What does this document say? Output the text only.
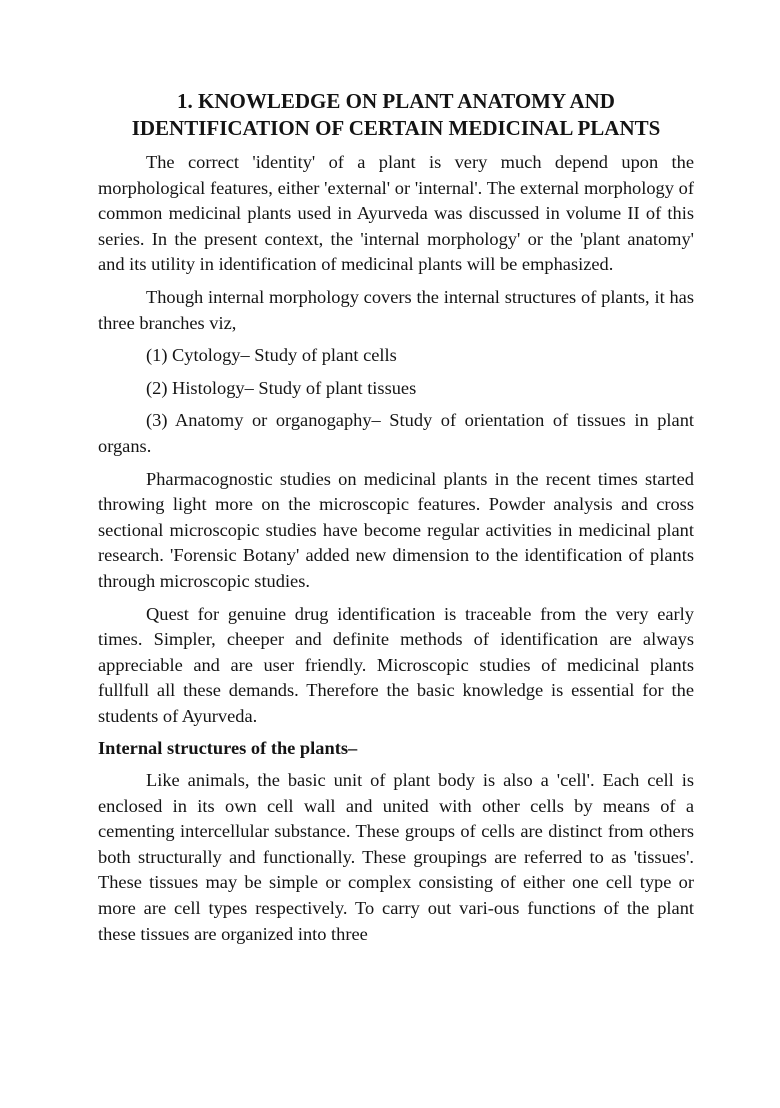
1. KNOWLEDGE ON PLANT ANATOMY AND
IDENTIFICATION OF CERTAIN MEDICINAL PLANTS

The correct 'identity' of a plant is very much depend upon the morphological features, either 'external' or 'internal'. The external morphology of common medicinal plants used in Ayurveda was discussed in volume II of this series. In the present context, the 'internal morphology' or the 'plant anatomy' and its utility in identification of medicinal plants will be emphasized.

Though internal morphology covers the internal structures of plants, it has three branches viz,

(1) Cytology– Study of plant cells
(2) Histology– Study of plant tissues
(3) Anatomy or organogaphy– Study of orientation of tissues in plant organs.

Pharmacognostic studies on medicinal plants in the recent times started throwing light more on the microscopic features. Powder analysis and cross sectional microscopic studies have become regular activities in medicinal plant research. 'Forensic Botany' added new dimension to the identification of plants through microscopic studies.

Quest for genuine drug identification is traceable from the very early times. Simpler, cheeper and definite methods of identification are always appreciable and are user friendly. Microscopic studies of medicinal plants fullfull all these demands. Therefore the basic knowledge is essential for the students of Ayurveda.

Internal structures of the plants–

Like animals, the basic unit of plant body is also a 'cell'. Each cell is enclosed in its own cell wall and united with other cells by means of a cementing intercellular substance. These groups of cells are distinct from others both structurally and functionally. These groupings are referred to as 'tissues'. These tissues may be simple or complex consisting of either one cell type or more are cell types respectively. To carry out vari-ous functions of the plant these tissues are organized into three
